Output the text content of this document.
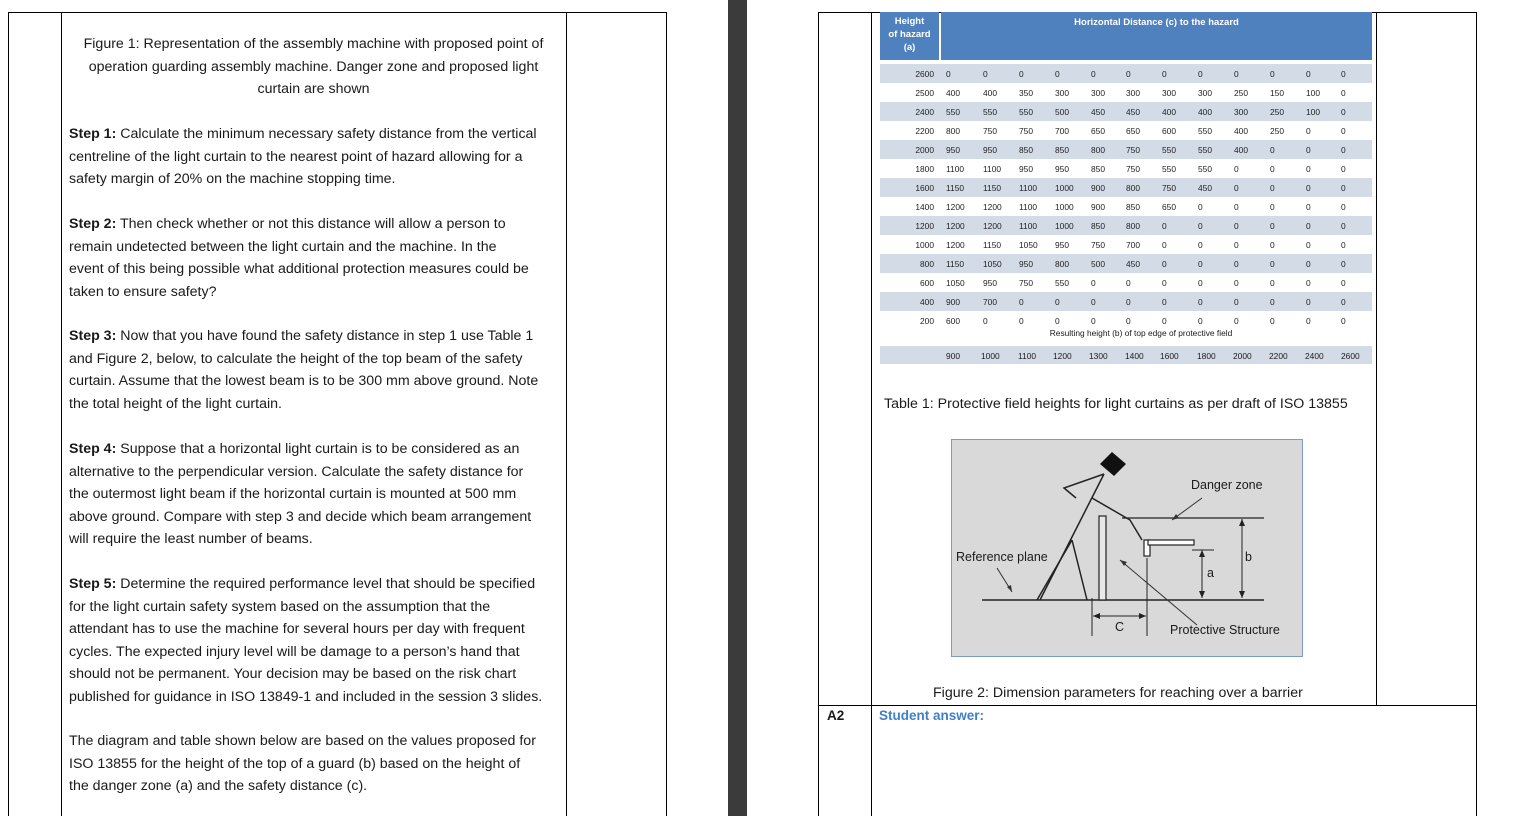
Figure 1: Representation of the assembly machine with proposed point of
operation guarding assembly machine. Danger zone and proposed light
curtain are shown
Step 1: Calculate the minimum necessary safety distance from the vertical
centreline of the light curtain to the nearest point of hazard allowing for a
safety margin of 20% on the machine stopping time.
Step 2: Then check whether or not this distance will allow a person to
remain undetected between the light curtain and the machine. In the
event of this being possible what additional protection measures could be
taken to ensure safety?
Step 3: Now that you have found the safety distance in step 1 use Table 1
and Figure 2, below, to calculate the height of the top beam of the safety
curtain. Assume that the lowest beam is to be 300 mm above ground. Note
the total height of the light curtain.
Step 4: Suppose that a horizontal light curtain is to be considered as an
alternative to the perpendicular version. Calculate the safety distance for
the outermost light beam if the horizontal curtain is mounted at 500 mm
above ground. Compare with step 3 and decide which beam arrangement
will require the least number of beams.
Step 5: Determine the required performance level that should be specified
for the light curtain safety system based on the assumption that the
attendant has to use the machine for several hours per day with frequent
cycles. The expected injury level will be damage to a person’s hand that
should not be permanent. Your decision may be based on the risk chart
published for guidance in ISO 13849-1 and included in the session 3 slides.
The diagram and table shown below are based on the values proposed for
ISO 13855 for the height of the top of a guard (b) based on the height of
the danger zone (a) and the safety distance (c).
Height
of hazard
(a)
Horizontal Distance (c) to the hazard
2600 0	0	0	0	0	0	0	0	0	0	0	0
2500 400	400	350	300	300	300	300	300	250	150	100	0
2400 550	550	550	500	450	450	400	400	300	250	100	0
2200 800	750	750	700	650	650	600	550	400	250	0	0
2000 950	950	850	850	800	750	550	550	400	0	0	0
1800 1100 1100 950	950	850	750	550	550	0	0	0	0
1600 1150 1150 1100 1000 900	800	750	450	0	0	0	0
1400 1200 1200 1100 1000 900	850	650	0	0	0	0	0
1200 1200 1200 1100 1000 850	800	0	0	0	0	0	0
1000 1200 1150 1050 950	750	700	0	0	0	0	0	0
800 1150 1050 950	800	500	450	0	0	0	0	0	0
600 1050 950	750	550	0	0	0	0	0	0	0	0
400 900	700	0	0	0	0	0	0	0	0	0	0
200 600	0	0	0	0	0	0	0	0	0	0	0
Resulting height (b) of top edge of protective field
900	1000 1100 1200 1300 1400 1600 1800 2000 2200 2400 2600
Table 1: Protective field heights for light curtains as per draft of ISO 13855
Danger zone
Reference plane
Protective Structure
a
b
C
Figure 2: Dimension parameters for reaching over a barrier
A2	Student answer:
